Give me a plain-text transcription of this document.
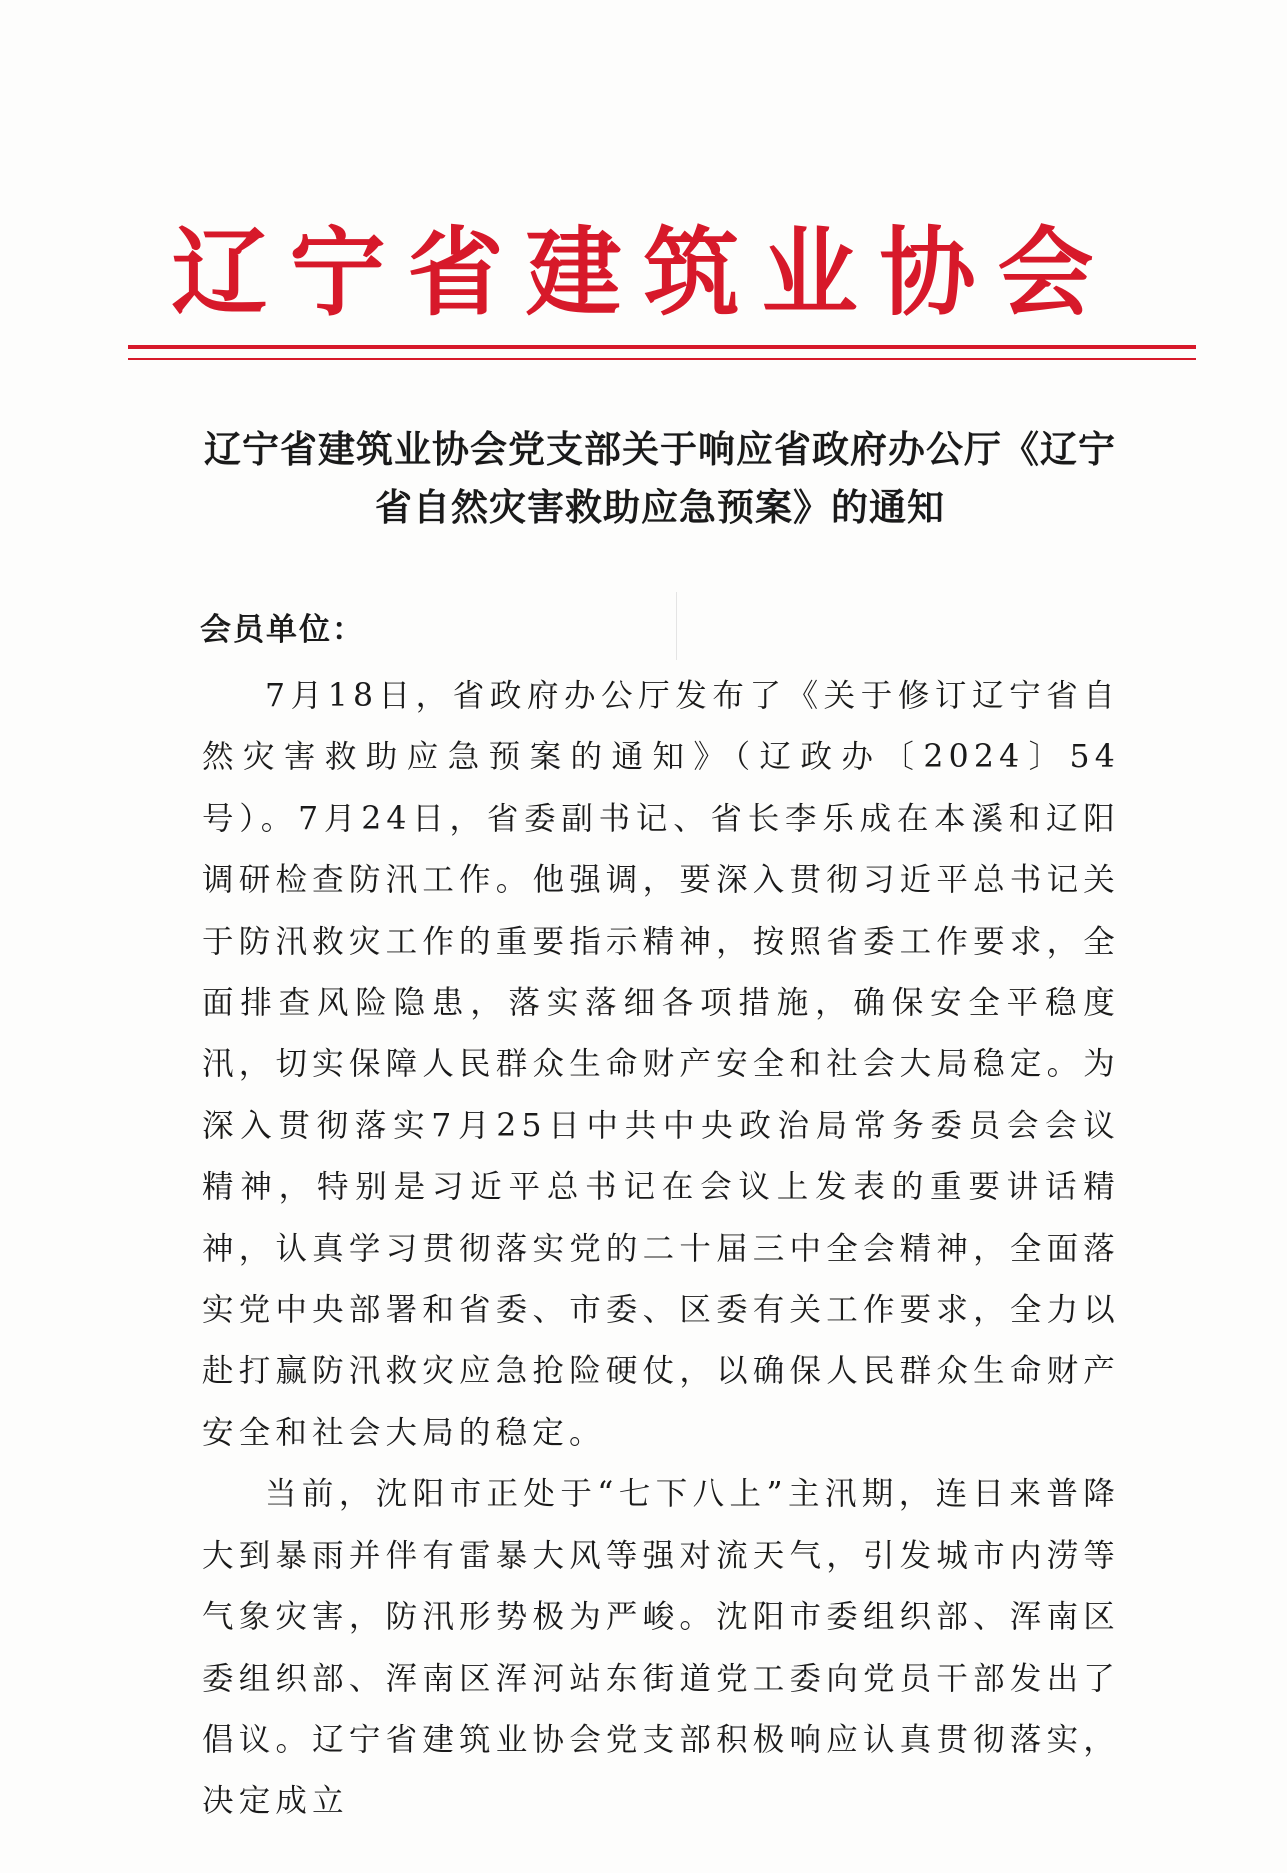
辽宁省建筑业协会
辽宁省建筑业协会党支部关于响应省政府办公厅《辽宁省自然灾害救助应急预案》的通知
会员单位：

7月18日，省政府办公厅发布了《关于修订辽宁省自然灾害救助应急预案的通知》（辽政办〔2024〕54号）。7月24日，省委副书记、省长李乐成在本溪和辽阳调研检查防汛工作。他强调，要深入贯彻习近平总书记关于防汛救灾工作的重要指示精神，按照省委工作要求，全面排查风险隐患，落实落细各项措施，确保安全平稳度汛，切实保障人民群众生命财产安全和社会大局稳定。为深入贯彻落实7月25日中共中央政治局常务委员会会议精神，特别是习近平总书记在会议上发表的重要讲话精神，认真学习贯彻落实党的二十届三中全会精神，全面落实党中央部署和省委、市委、区委有关工作要求，全力以赴打赢防汛救灾应急抢险硬仗，以确保人民群众生命财产安全和社会大局的稳定。

当前，沈阳市正处于“七下八上”主汛期，连日来普降大到暴雨并伴有雷暴大风等强对流天气，引发城市内涝等气象灾害，防汛形势极为严峻。沈阳市委组织部、浑南区委组织部、浑南区浑河站东街道党工委向党员干部发出了倡议。辽宁省建筑业协会党支部积极响应认真贯彻落实，决定成立
